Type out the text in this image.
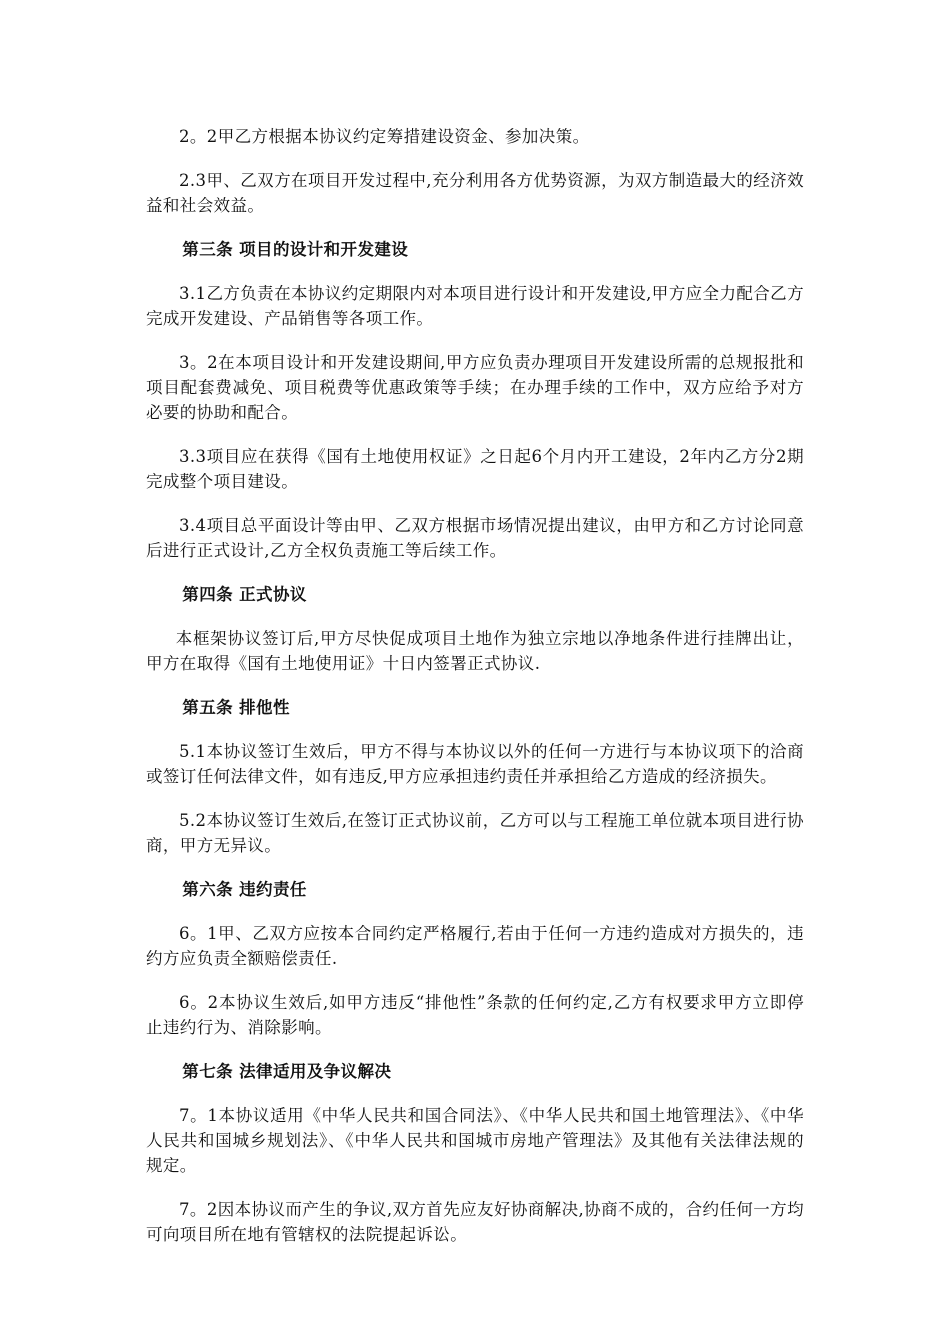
2。2甲乙方根据本协议约定筹措建设资金、参加决策。

2.3甲、乙双方在项目开发过程中,充分利用各方优势资源，为双方制造最大的经济效益和社会效益。

第三条 项目的设计和开发建设

3.1乙方负责在本协议约定期限内对本项目进行设计和开发建设,甲方应全力配合乙方完成开发建设、产品销售等各项工作。

3。2在本项目设计和开发建设期间,甲方应负责办理项目开发建设所需的总规报批和项目配套费减免、项目税费等优惠政策等手续；在办理手续的工作中，双方应给予对方必要的协助和配合。

3.3项目应在获得《国有土地使用权证》之日起6个月内开工建设，2年内乙方分2期完成整个项目建设。

3.4项目总平面设计等由甲、乙双方根据市场情况提出建议，由甲方和乙方讨论同意后进行正式设计,乙方全权负责施工等后续工作。

第四条 正式协议

本框架协议签订后,甲方尽快促成项目土地作为独立宗地以净地条件进行挂牌出让，甲方在取得《国有土地使用证》十日内签署正式协议.

第五条 排他性

5.1本协议签订生效后，甲方不得与本协议以外的任何一方进行与本协议项下的洽商或签订任何法律文件，如有违反,甲方应承担违约责任并承担给乙方造成的经济损失。

5.2本协议签订生效后,在签订正式协议前，乙方可以与工程施工单位就本项目进行协商，甲方无异议。

第六条 违约责任

6。1甲、乙双方应按本合同约定严格履行,若由于任何一方违约造成对方损失的，违约方应负责全额赔偿责任.

6。2本协议生效后,如甲方违反“排他性”条款的任何约定,乙方有权要求甲方立即停止违约行为、消除影响。

第七条 法律适用及争议解决

7。1本协议适用《中华人民共和国合同法》、《中华人民共和国土地管理法》、《中华人民共和国城乡规划法》、《中华人民共和国城市房地产管理法》及其他有关法律法规的规定。

7。2因本协议而产生的争议,双方首先应友好协商解决,协商不成的，合约任何一方均可向项目所在地有管辖权的法院提起诉讼。
